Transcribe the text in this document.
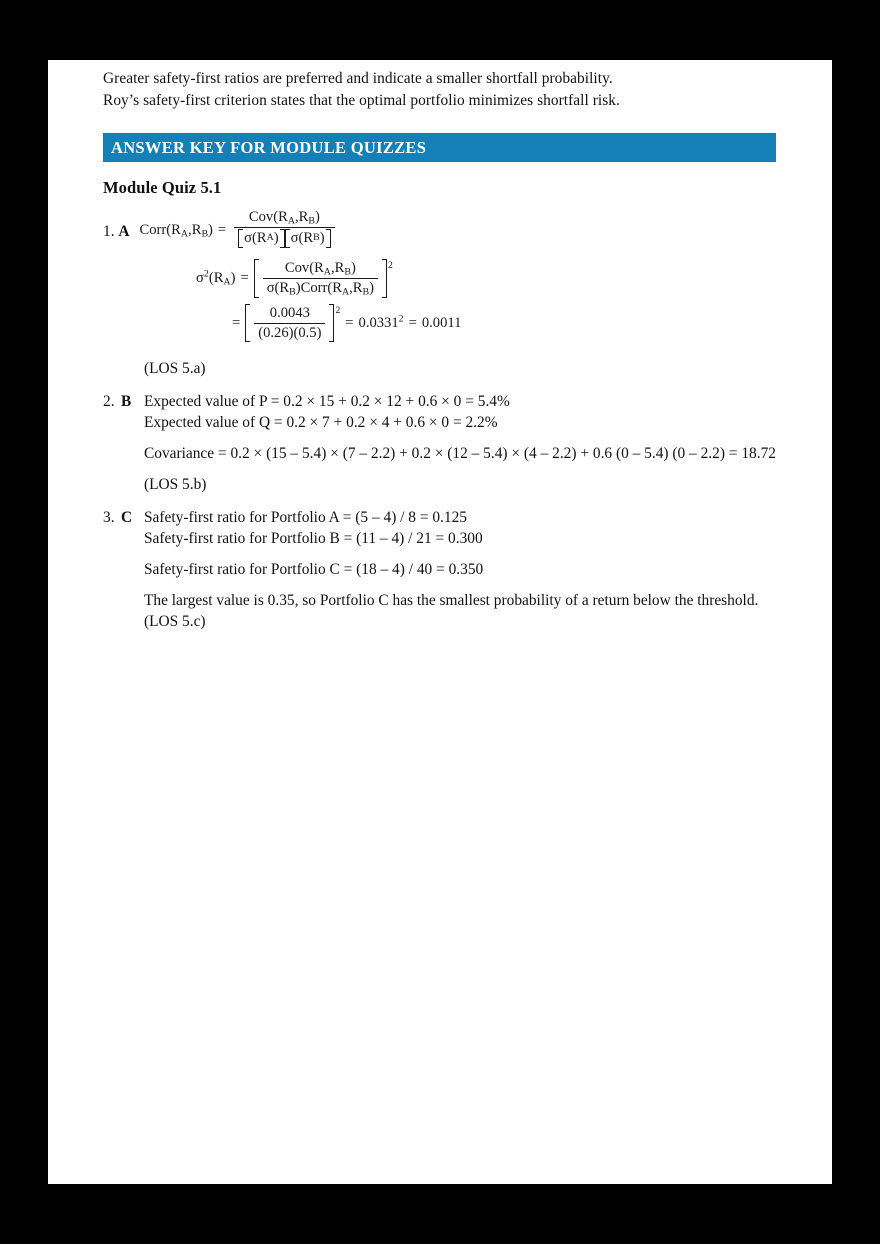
Greater safety-first ratios are preferred and indicate a smaller shortfall probability.
Roy’s safety-first criterion states that the optimal portfolio minimizes shortfall risk.
ANSWER KEY FOR MODULE QUIZZES
Module Quiz 5.1
1. A $Corr(R_A,R_B) = \frac{Cov(R_A,R_B)}{\text{σ(R A ) σ(R B )}}$
$\sigma^2(R_A) = \frac{Cov(R_A,R_B)}{\sigma(R_B)Corr(R_A,R_B)} 2$
= $\frac{0.0043}{(0.26)(0.5)} 2$
= $0.0331^2 = 0.0011$
(LOS 5.a)
2. B Expected value of P = 0.2 × 15 + 0.2 × 12 + 0.6 × 0 = 5.4%
Expected value of Q = 0.2 × 7 + 0.2 × 4 + 0.6 × 0 = 2.2%
Covariance = 0.2 × (15 – 5.4) × (7 – 2.2) + 0.2 × (12 – 5.4) × (4 – 2.2) + 0.6 (0 – 5.4) (0 – 2.2) = 18.72
(LOS 5.b)
3. C Safety-first ratio for Portfolio A = (5 – 4) / 8 = 0.125
Safety-first ratio for Portfolio B = (11 – 4) / 21 = 0.300
Safety-first ratio for Portfolio C = (18 – 4) / 40 = 0.350
The largest value is 0.35, so Portfolio C has the smallest probability of a return below the threshold. (LOS 5.c)
